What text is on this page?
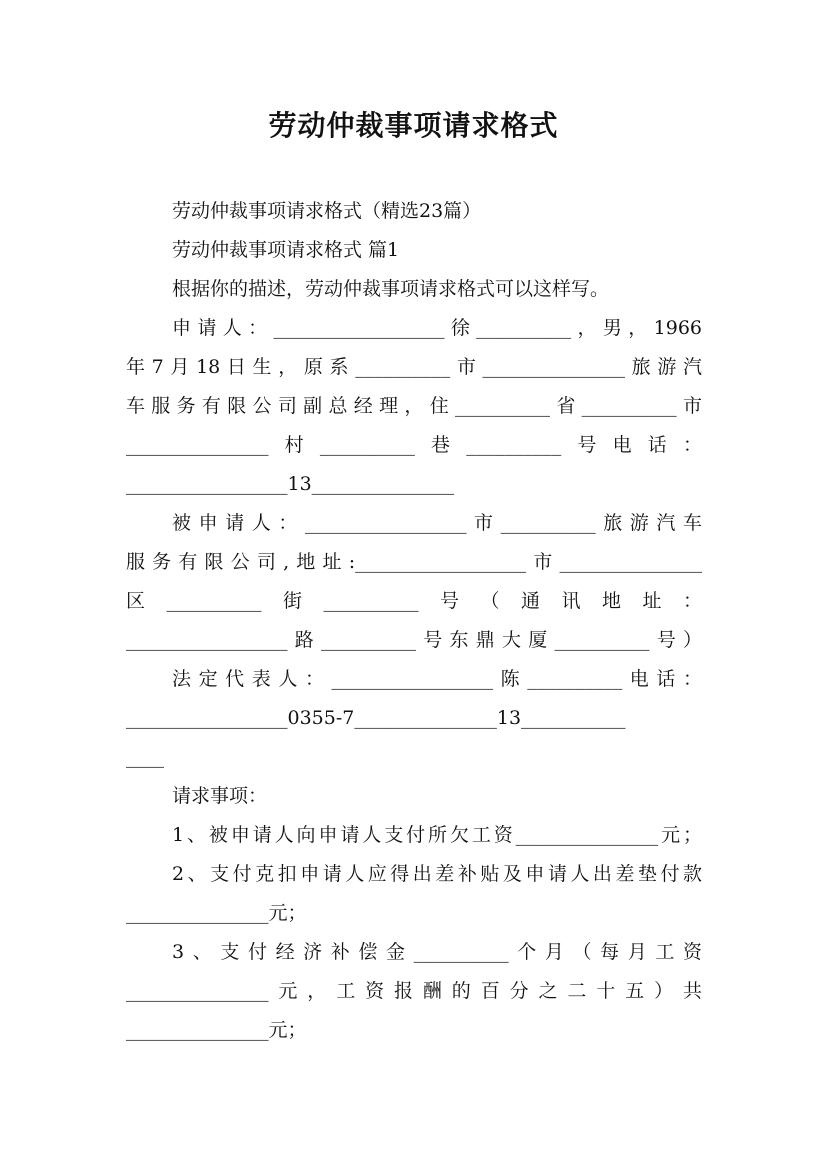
劳动仲裁事项请求格式
劳动仲裁事项请求格式（精选23篇）
劳动仲裁事项请求格式 篇1
根据你的描述，劳动仲裁事项请求格式可以这样写。
申请人：__________________徐__________，男，1966
年7月18日生，原系__________市_______________旅游汽
车服务有限公司副总经理，住__________省__________市
_______________村__________巷__________号电话：
_________________13_______________
被申请人：_________________市__________旅游汽车
服务有限公司,地址:__________________市_______________
区__________街__________号（通讯地址：
_________________路__________号东鼎大厦__________号）
法定代表人：_________________陈__________电话：
_________________0355-7_______________13___________
____
请求事项：
1、被申请人向申请人支付所欠工资_______________元；
2、支付克扣申请人应得出差补贴及申请人出差垫付款
_______________元；
3、支付经济补偿金__________个月（每月工资
_______________元，工资报酬的百分之二十五）共
_______________元；
